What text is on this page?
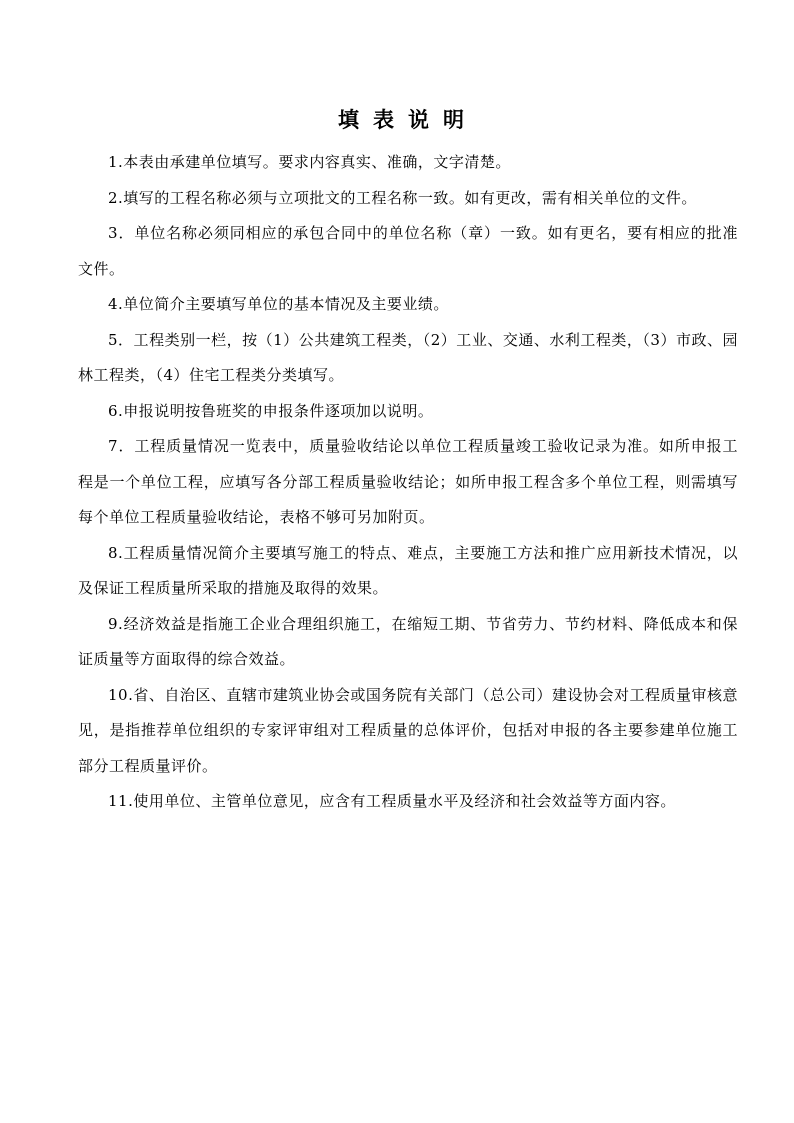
填表说明

1.本表由承建单位填写。要求内容真实、准确，文字清楚。

2.填写的工程名称必须与立项批文的工程名称一致。如有更改，需有相关单位的文件。

3．单位名称必须同相应的承包合同中的单位名称（章）一致。如有更名，要有相应的批准文件。

4.单位简介主要填写单位的基本情况及主要业绩。

5．工程类别一栏，按（1）公共建筑工程类，（2）工业、交通、水利工程类，（3）市政、园林工程类，（4）住宅工程类分类填写。

6.申报说明按鲁班奖的申报条件逐项加以说明。

7．工程质量情况一览表中，质量验收结论以单位工程质量竣工验收记录为准。如所申报工程是一个单位工程，应填写各分部工程质量验收结论；如所申报工程含多个单位工程，则需填写每个单位工程质量验收结论，表格不够可另加附页。

8.工程质量情况简介主要填写施工的特点、难点，主要施工方法和推广应用新技术情况，以及保证工程质量所采取的措施及取得的效果。

9.经济效益是指施工企业合理组织施工，在缩短工期、节省劳力、节约材料、降低成本和保证质量等方面取得的综合效益。

10.省、自治区、直辖市建筑业协会或国务院有关部门（总公司）建设协会对工程质量审核意见，是指推荐单位组织的专家评审组对工程质量的总体评价，包括对申报的各主要参建单位施工部分工程质量评价。

11.使用单位、主管单位意见，应含有工程质量水平及经济和社会效益等方面内容。
